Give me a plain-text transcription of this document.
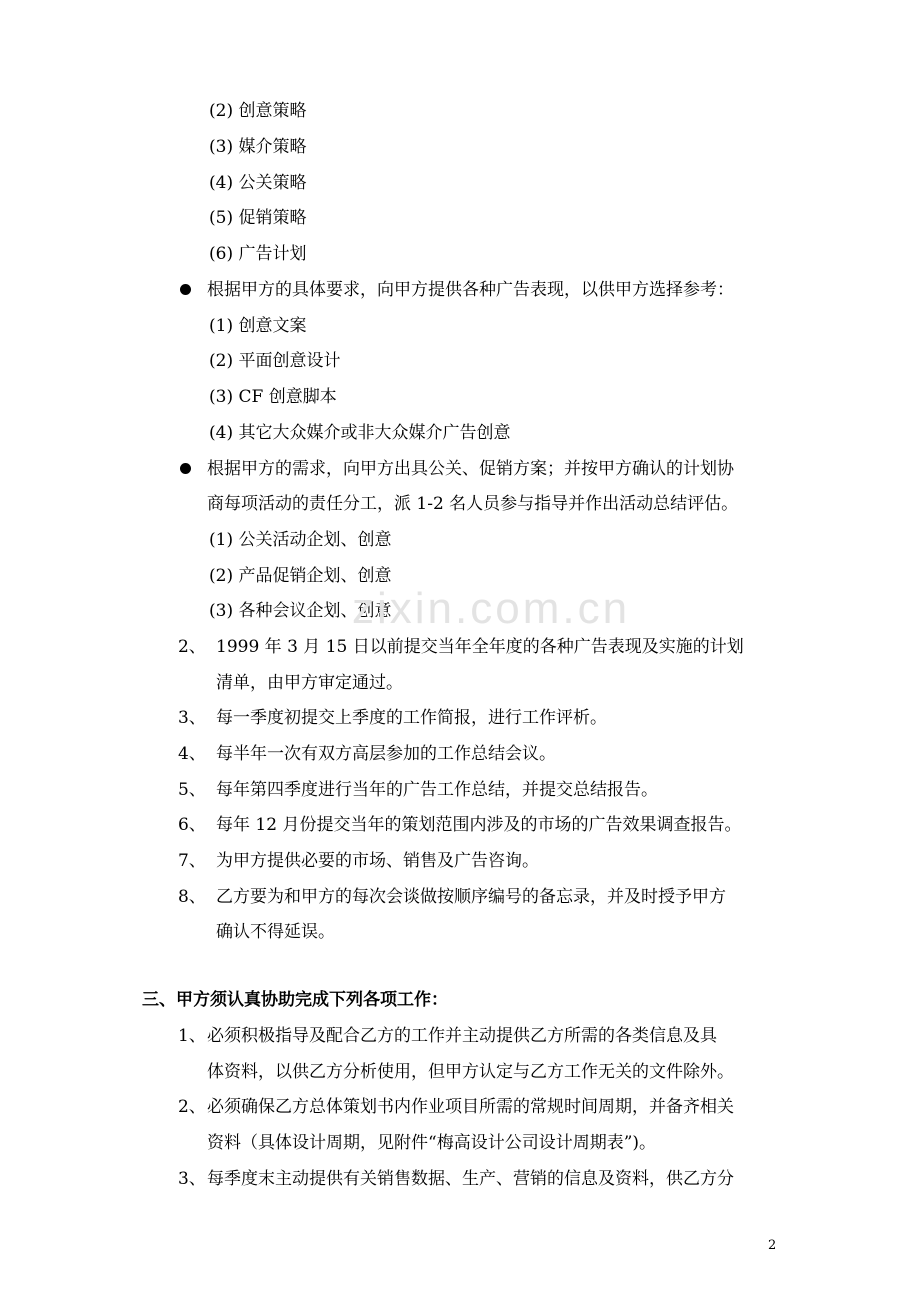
(2) 创意策略
(3) 媒介策略
(4) 公关策略
(5) 促销策略
(6) 广告计划
根据甲方的具体要求，向甲方提供各种广告表现，以供甲方选择参考：
(1) 创意文案
(2) 平面创意设计
(3) CF 创意脚本
(4) 其它大众媒介或非大众媒介广告创意
根据甲方的需求，向甲方出具公关、促销方案；并按甲方确认的计划协
商每项活动的责任分工，派 1-2 名人员参与指导并作出活动总结评估。
(1) 公关活动企划、创意
(2) 产品促销企划、创意
(3) 各种会议企划、创意
2、 1999 年 3 月 15 日以前提交当年全年度的各种广告表现及实施的计划
清单，由甲方审定通过。
3、 每一季度初提交上季度的工作简报，进行工作评析。
4、 每半年一次有双方高层参加的工作总结会议。
5、 每年第四季度进行当年的广告工作总结，并提交总结报告。
6、 每年 12 月份提交当年的策划范围内涉及的市场的广告效果调查报告。
7、 为甲方提供必要的市场、销售及广告咨询。
8、 乙方要为和甲方的每次会谈做按顺序编号的备忘录，并及时授予甲方
确认不得延误。
三、甲方须认真协助完成下列各项工作：
1、 必须积极指导及配合乙方的工作并主动提供乙方所需的各类信息及具
体资料，以供乙方分析使用，但甲方认定与乙方工作无关的文件除外。
2、 必须确保乙方总体策划书内作业项目所需的常规时间周期，并备齐相关
资料（具体设计周期，见附件“梅高设计公司设计周期表”)。
3、 每季度末主动提供有关销售数据、生产、营销的信息及资料，供乙方分
zixin.com.cn
2
